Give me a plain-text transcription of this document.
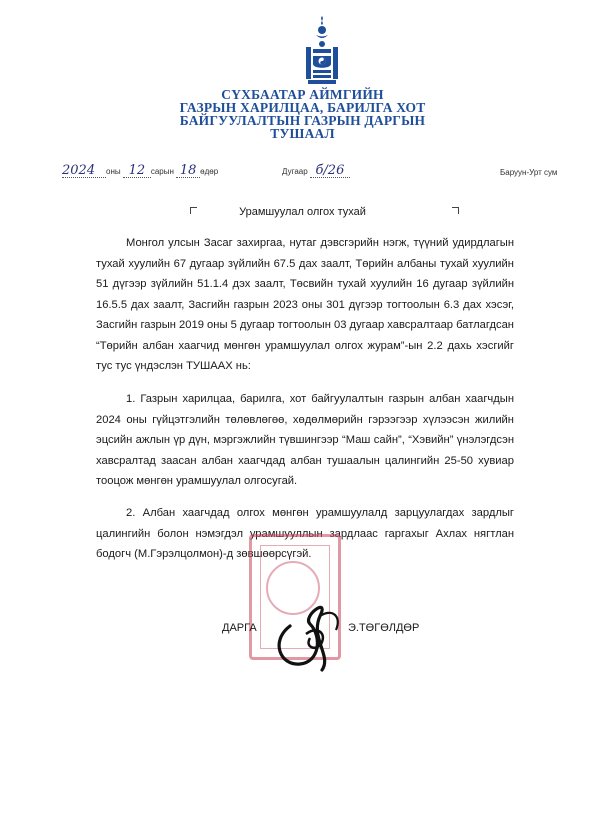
СҮХБААТАР АЙМГИЙН
ГАЗРЫН ХАРИЛЦАА, БАРИЛГА ХОТ
БАЙГУУЛАЛТЫН ГАЗРЫН ДАРГЫН
ТУШААЛ
2024 оны 12 сарын 18 өдөр	Дугаар б/26	Баруун-Урт сум
Урамшуулал олгох тухай
Монгол улсын Засаг захиргаа, нутаг дэвсгэрийн нэгж, түүний удирдлагын тухай хуулийн 67 дугаар зүйлийн 67.5 дах заалт, Төрийн албаны тухай хуулийн 51 дүгээр зүйлийн 51.1.4 дэх заалт, Төсвийн тухай хуулийн 16 дугаар зүйлийн 16.5.5 дах заалт, Засгийн газрын 2023 оны 301 дүгээр тогтоолын 6.3 дах хэсэг, Засгийн газрын 2019 оны 5 дугаар тогтоолын 03 дугаар хавсралтаар батлагдсан “Төрийн албан хаагчид мөнгөн урамшуулал олгох журам”-ын 2.2 дахь хэсгийг тус тус үндэслэн ТУШААХ нь:
1. Газрын харилцаа, барилга, хот байгуулалтын газрын албан хаагчдын 2024 оны гүйцэтгэлийн төлөвлөгөө, хөдөлмөрийн гэрээгээр хүлээсэн жилийн эцсийн ажлын үр дүн, мэргэжлийн түвшингээр “Маш сайн”, “Хэвийн” үнэлэгдсэн хавсралтад заасан албан хаагчдад албан тушаалын цалингийн 25-50 хувиар тооцож мөнгөн урамшуулал олгосугай.
2. Албан хаагчдад олгох мөнгөн урамшуулалд зарцуулагдах зардлыг цалингийн болон нэмэгдэл урамшууллын зардлаас гаргахыг Ахлах нягтлан бодогч (М.Гэрэлцолмон)-д зөвшөөрсүгэй.
ДАРГА	Э.ТӨГӨЛДӨР
